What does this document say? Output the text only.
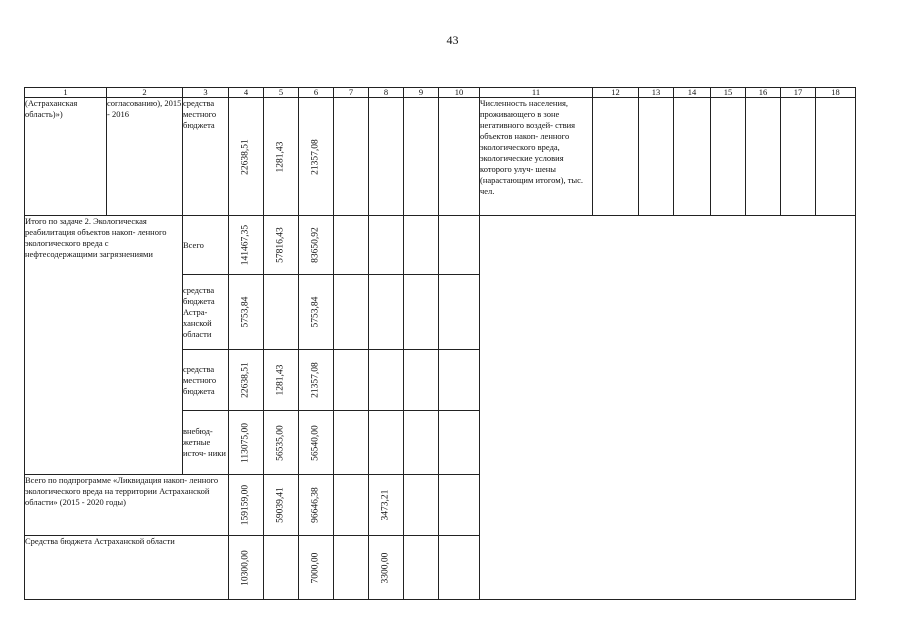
43
1	2	3	4	5	6	7	8	9	10	11	12	13	14	15	16	17	18
(Астраханская область)»)	согласованию), 2015 - 2016	средства местного бюджета	22638,51	1281,43	21357,08					Численность населения, проживающего в зоне негативного воздей- ствия объектов накоп- ленного экологического вреда, экологические условия которого улуч- шены (нарастающим итогом), тыс. чел.							
Итого по задаче 2. Экологическая реабилитация объектов накоп- ленного экологического вреда с нефтесодержащими загрязнениями		Всего	141467,35	57816,43	83650,92												

		средства бюджета Астра- ханской области	5753,84		5753,84												

		средства местного бюджета	22638,51	1281,43	21357,08												

		внебюд- жетные источ- ники	113075,00	56535,00	56540,00												

Всего по подпрограмме «Ликвидация накоп- ленного экологического вреда на территории Астраханской области» (2015 - 2020 годы)			159159,00	59039,41	96646,38		3473,21										

Средства бюджета Астраханской области			10300,00		7000,00		3300,00										
